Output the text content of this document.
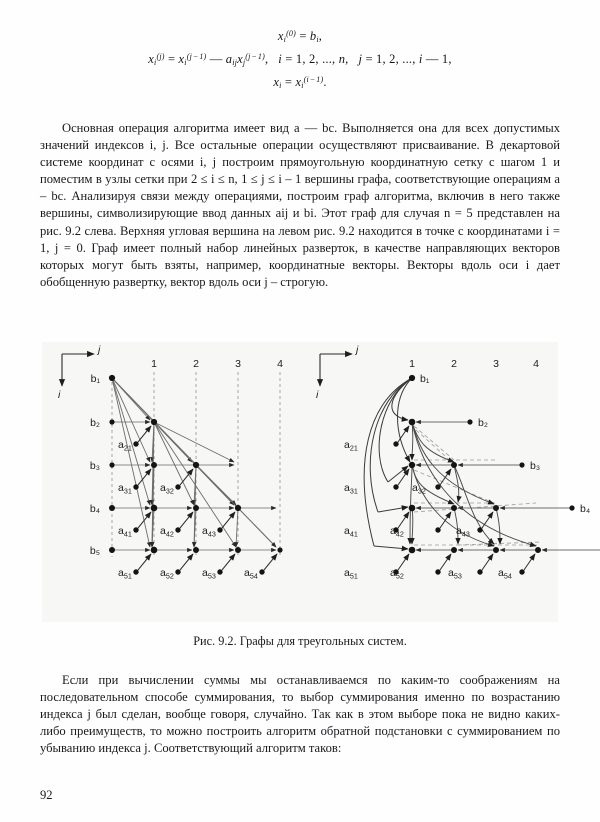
$x_i^{(0)} = b_i$,
$x_i^{(j)} = x_i^{(j - 1)}$ — $a_{ij}x_j^{(j - 1)}$,   i = 1, 2, ..., n,   j = 1, 2, ..., i — 1,
$x_i = x_i^{(i - 1)}$.
Основная операция алгоритма имеет вид a — bc. Выполняется она для всех допустимых значений индексов i, j. Все остальные операции осуществляют присваивание. В декартовой системе координат с осями i, j построим прямоугольную координатную сетку с шагом 1 и поместим в узлы сетки при 2 ≤ i ≤ n, 1 ≤ j ≤ i – 1 вершины графа, соответствующие операциям a – bc. Анализируя связи между операциями, построим граф алгоритма, включив в него также вершины, символизирующие ввод данных aij и bi. Этот граф для случая n = 5 представлен на рис. 9.2 слева. Верхняя угловая вершина на левом рис. 9.2 находится в точке с координатами i = 1, j = 0. Граф имеет полный набор линейных разверток, в качестве направляющих векторов которых могут быть взяты, например, координатные векторы. Векторы вдоль оси i дает обобщенную развертку, вектор вдоль оси j – строгую.
j
i
1	2	3	4
b₁
b₂
b₃
b₄
b₅
$a_{21}$
$a_{31}$
$a_{41}$
$a_{51}$
$a_{32}$
$a_{42}$
$a_{52}$
$a_{43}$
$a_{53}$	$a_{54}$
j
i
1	2	3	4
b₁
b₂
b₃
b₄
$a_{21}$
$a_{31}$
$a_{41}$
$a_{51}$
$a_{32}$
$a_{42}$
$a_{52}$
$a_{43}$
$a_{53}$	$a_{54}$
Рис. 9.2. Графы для треугольных систем.
Если при вычислении суммы мы останавливаемся по каким-то соображениям на последовательном способе суммирования, то выбор суммирования именно по возрастанию индекса j был сделан, вообще говоря, случайно. Так как в этом выборе пока не видно каких-либо преимуществ, то можно построить алгоритм обратной подстановки с суммированием по убыванию индекса j. Соответствующий алгоритм таков:
92
